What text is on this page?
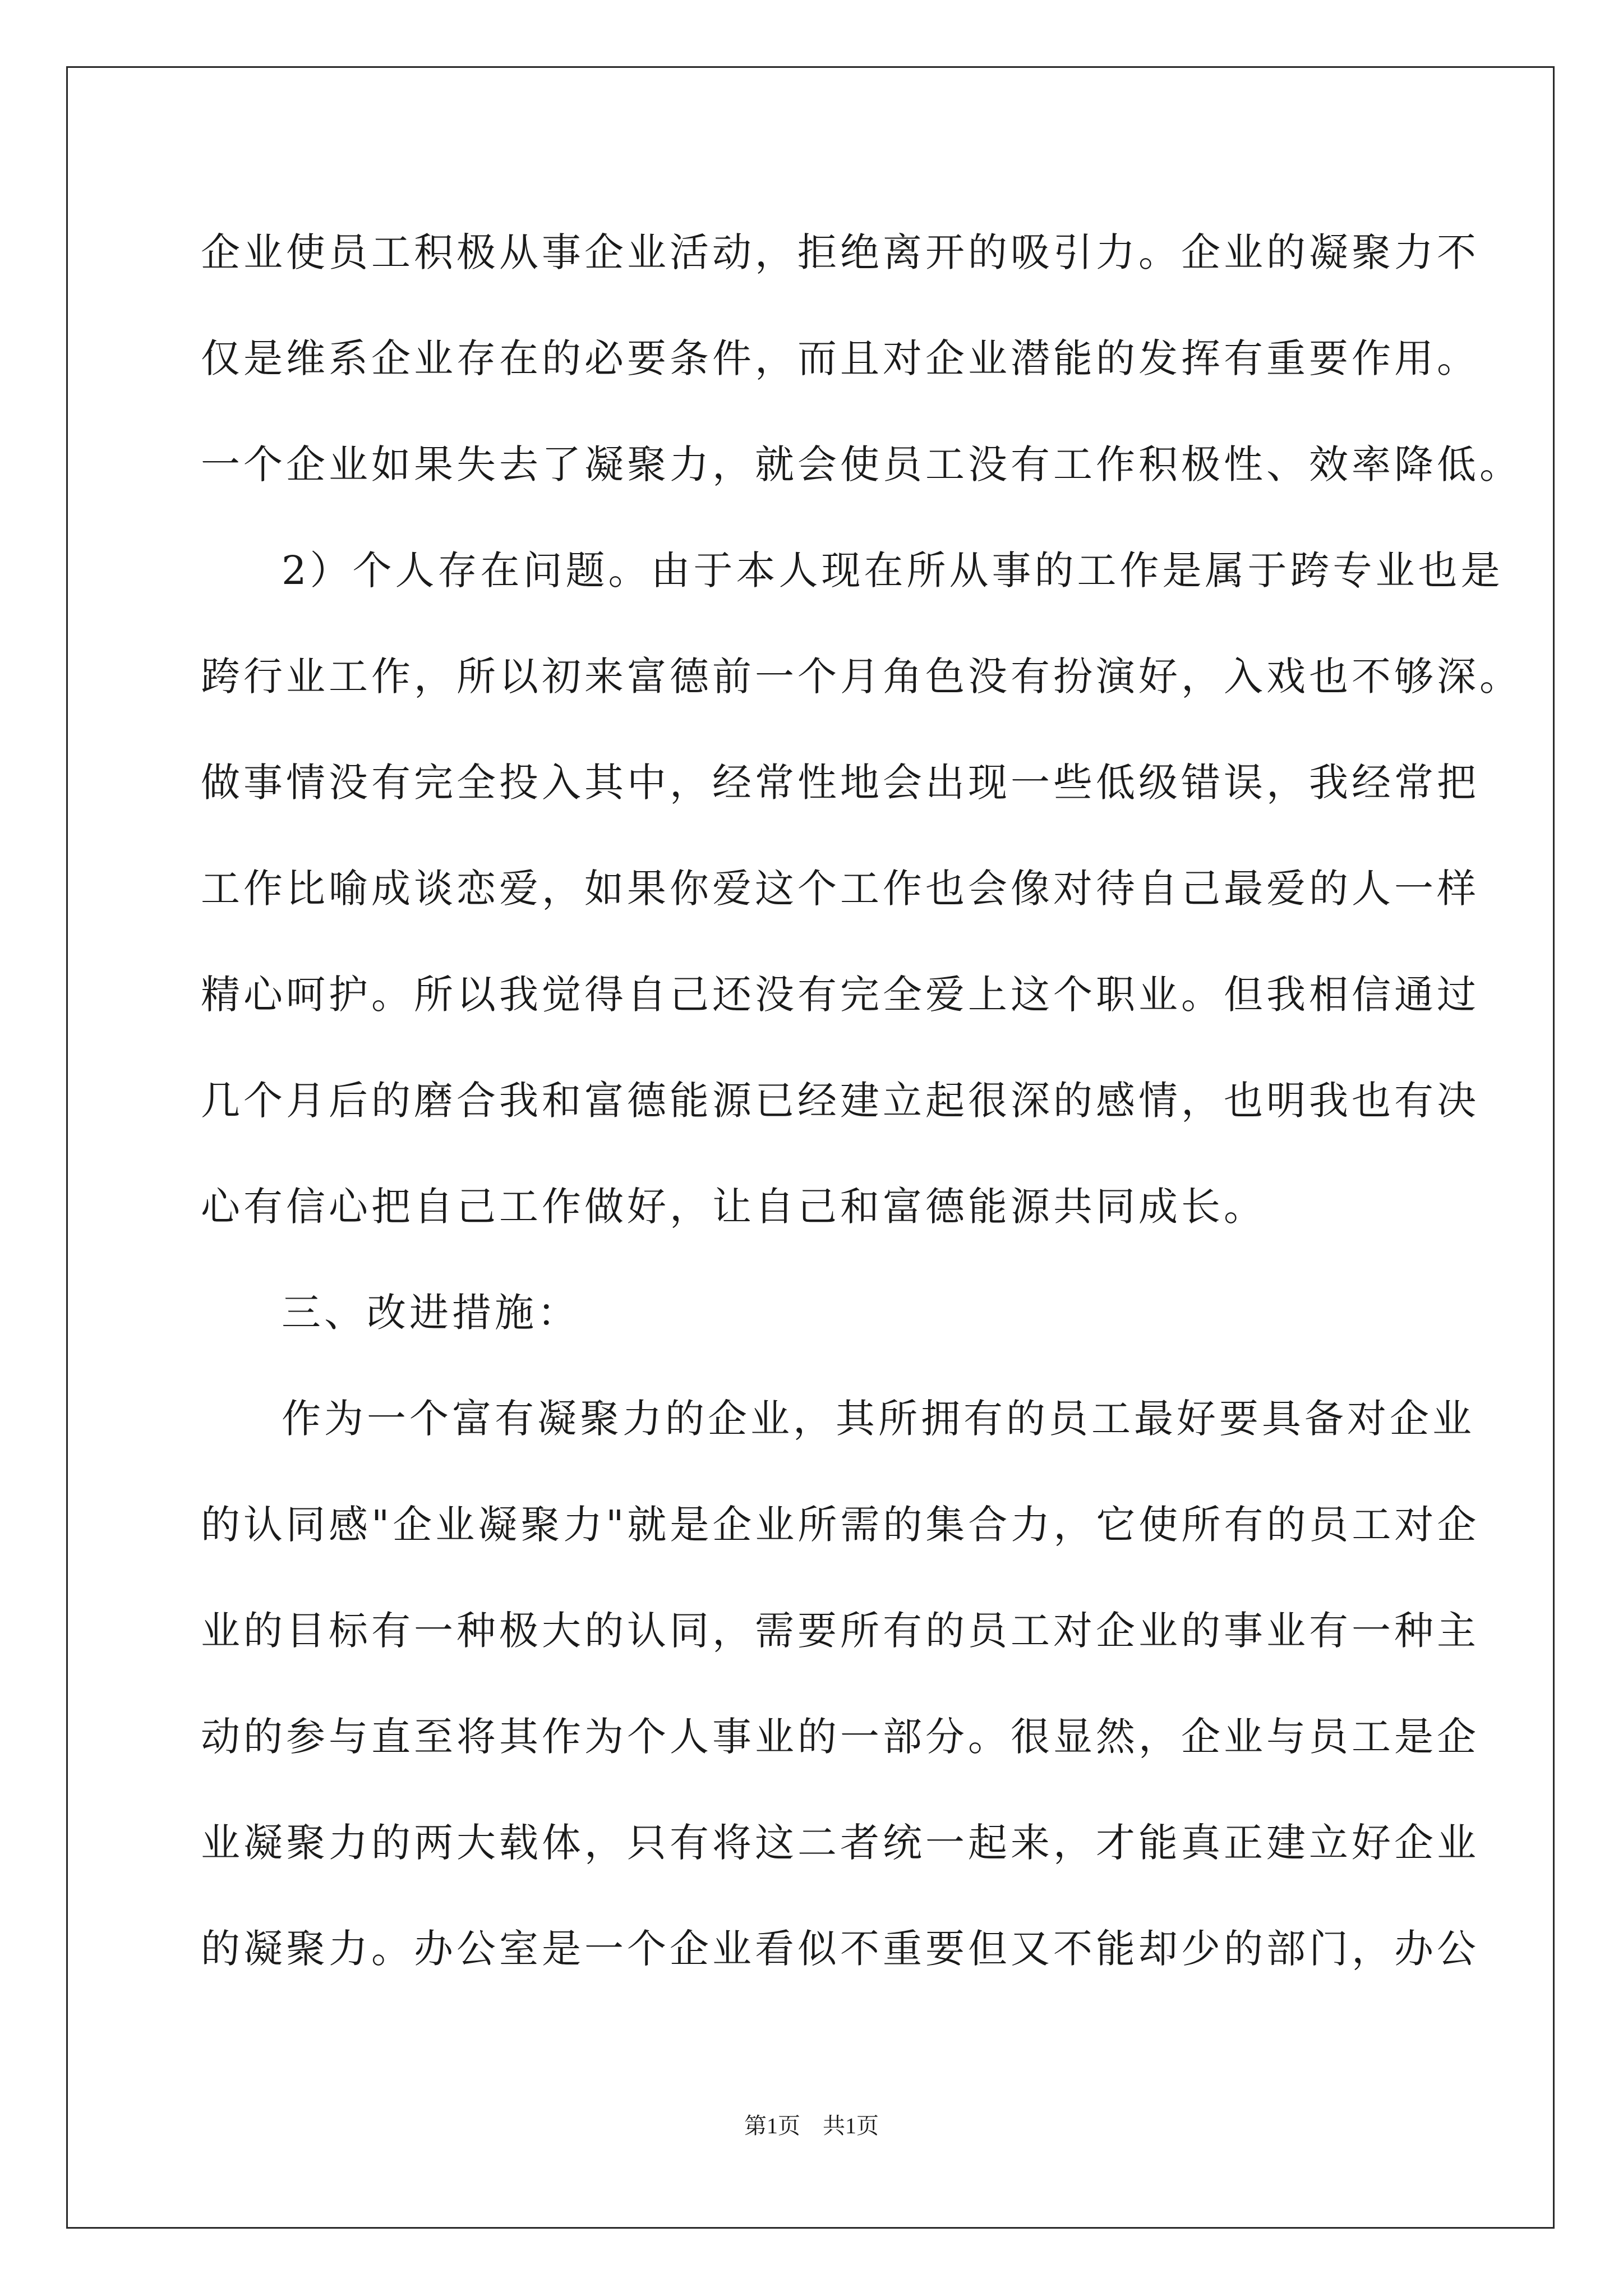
企业使员工积极从事企业活动，拒绝离开的吸引力。企业的凝聚力不
仅是维系企业存在的必要条件，而且对企业潜能的发挥有重要作用。
一个企业如果失去了凝聚力，就会使员工没有工作积极性、效率降低。
2）个人存在问题。由于本人现在所从事的工作是属于跨专业也是
跨行业工作，所以初来富德前一个月角色没有扮演好，入戏也不够深。
做事情没有完全投入其中，经常性地会出现一些低级错误，我经常把
工作比喻成谈恋爱，如果你爱这个工作也会像对待自己最爱的人一样
精心呵护。所以我觉得自己还没有完全爱上这个职业。但我相信通过
几个月后的磨合我和富德能源已经建立起很深的感情，也明我也有决
心有信心把自己工作做好，让自己和富德能源共同成长。
三、改进措施：
作为一个富有凝聚力的企业，其所拥有的员工最好要具备对企业
的认同感"企业凝聚力"就是企业所需的集合力，它使所有的员工对企
业的目标有一种极大的认同，需要所有的员工对企业的事业有一种主
动的参与直至将其作为个人事业的一部分。很显然，企业与员工是企
业凝聚力的两大载体，只有将这二者统一起来，才能真正建立好企业
的凝聚力。办公室是一个企业看似不重要但又不能却少的部门，办公
第1页 共1页
